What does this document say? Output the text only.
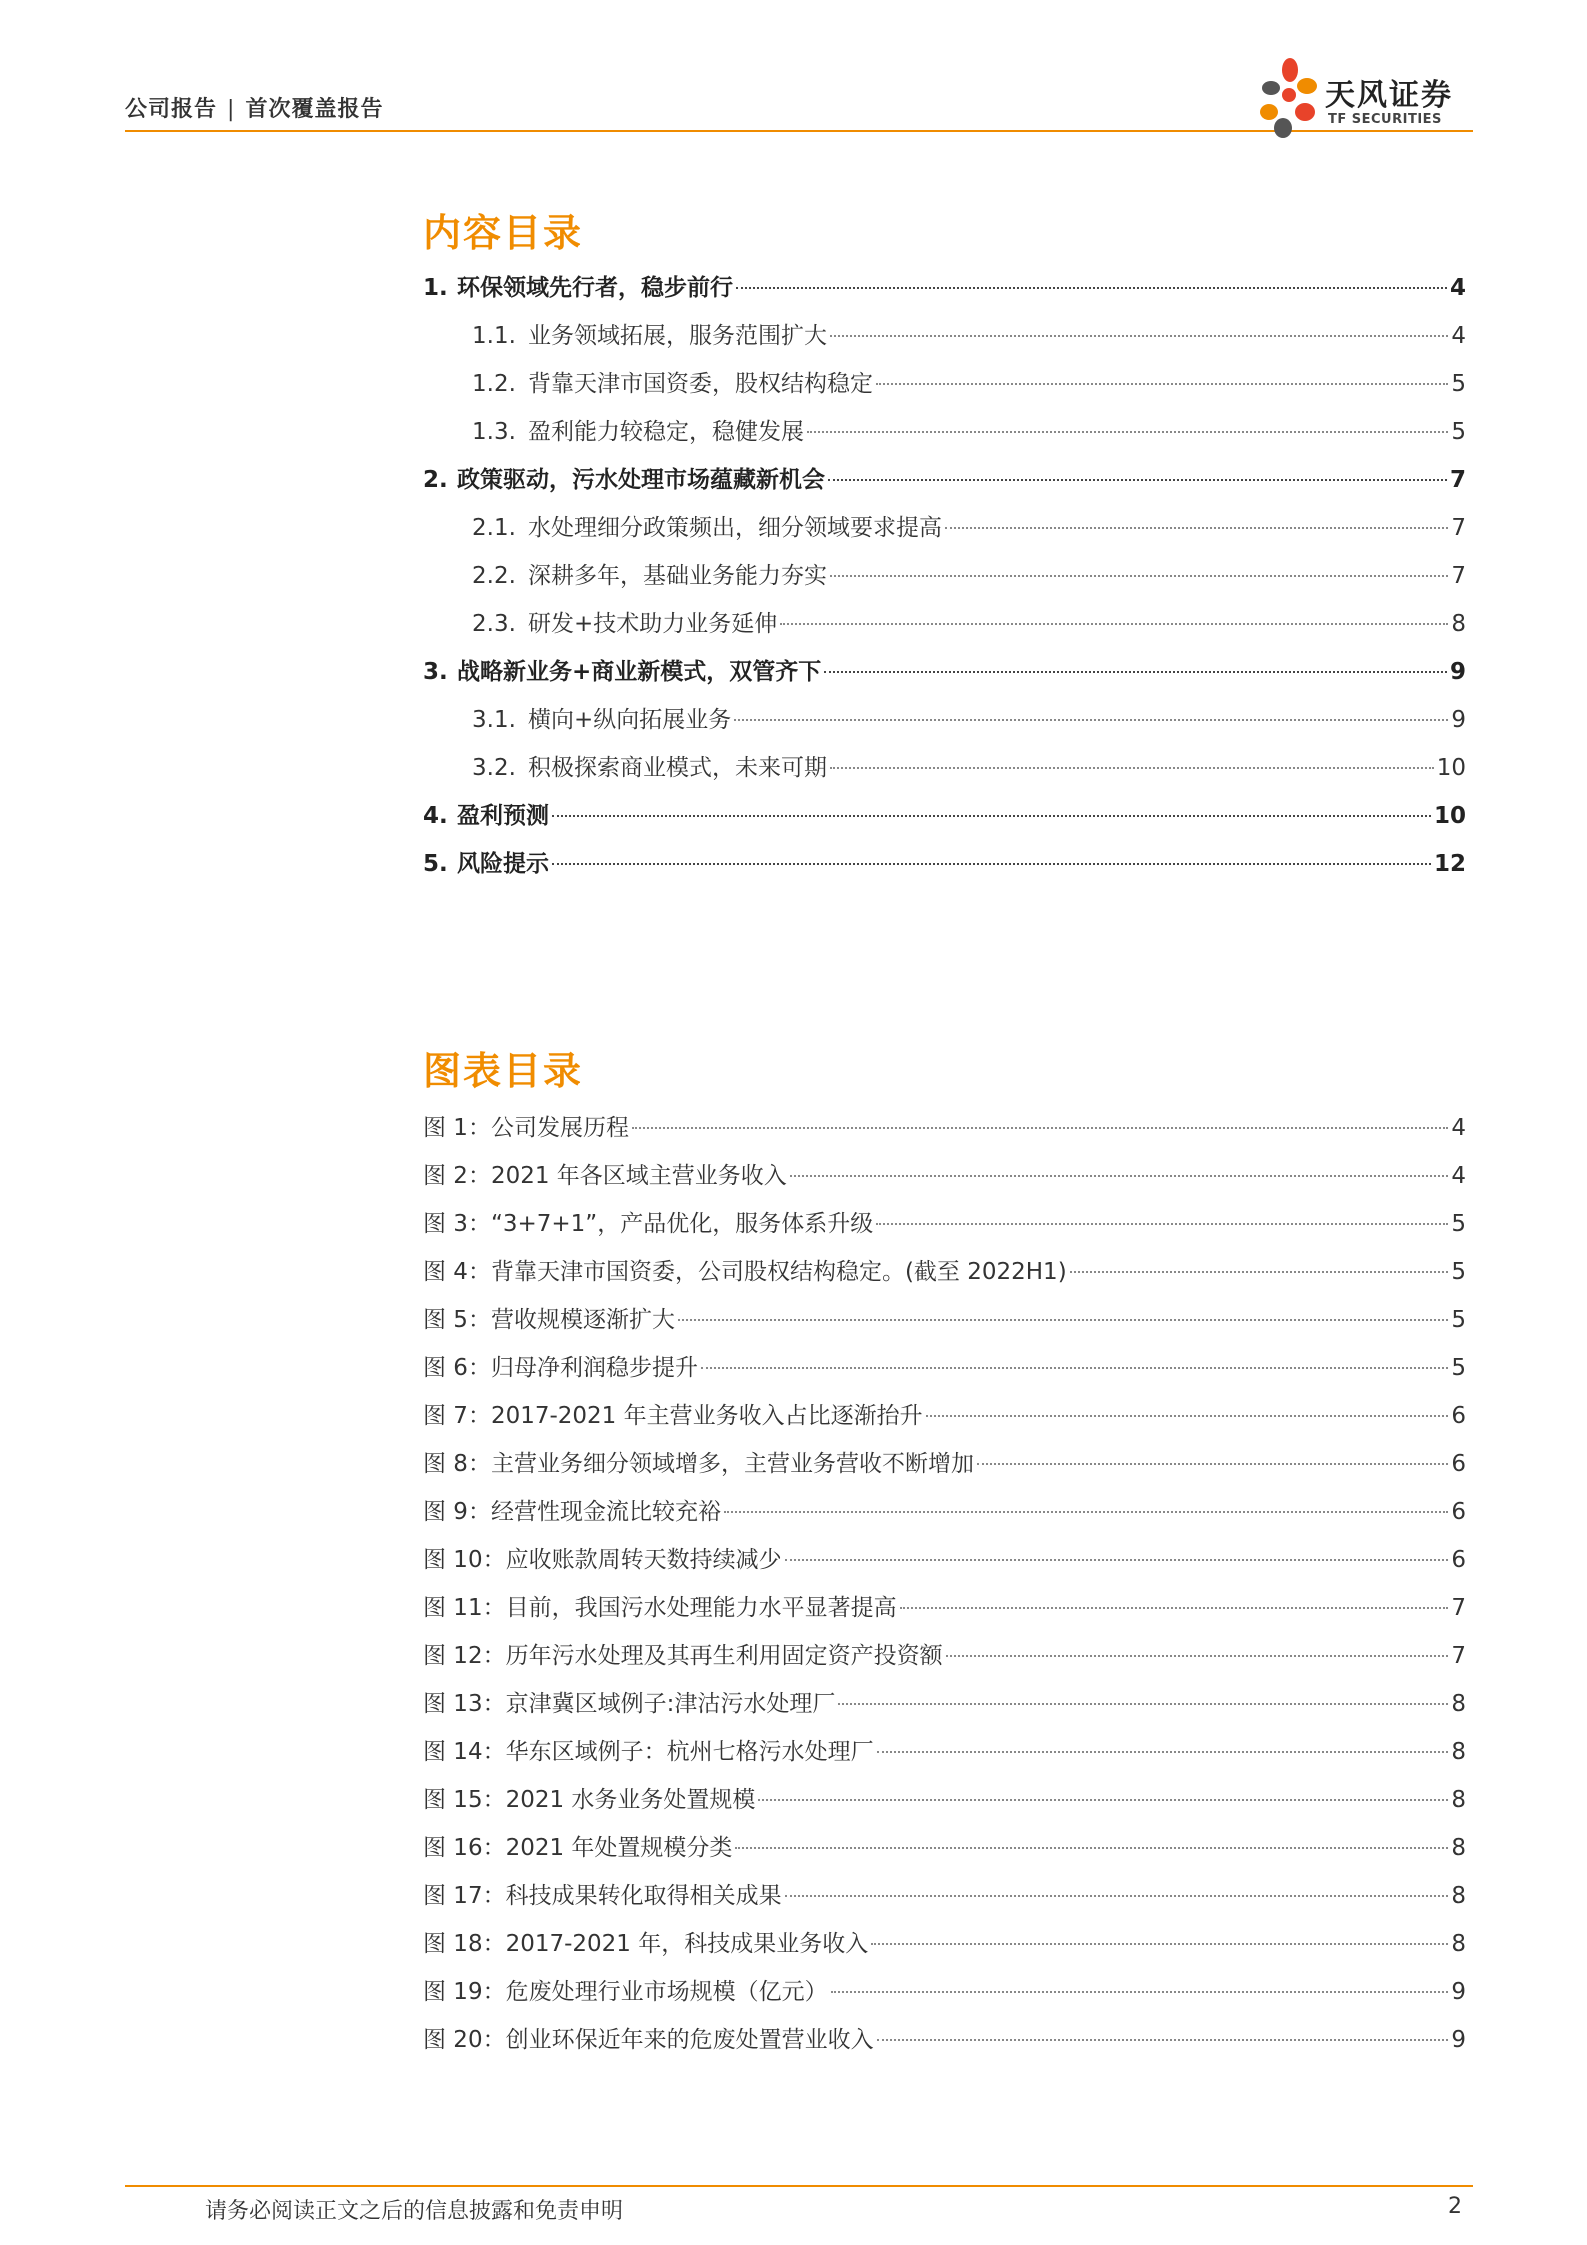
公司报告 | 首次覆盖报告	天风证券
TF SECURITIES
内容目录
1. 环保领域先行者，稳步前行	4
1.1. 业务领域拓展，服务范围扩大	4
1.2. 背靠天津市国资委，股权结构稳定	5
1.3. 盈利能力较稳定，稳健发展	5
2. 政策驱动，污水处理市场蕴藏新机会	7
2.1. 水处理细分政策频出，细分领域要求提高	7
2.2. 深耕多年，基础业务能力夯实	7
2.3. 研发+技术助力业务延伸	8
3. 战略新业务+商业新模式，双管齐下	9
3.1. 横向+纵向拓展业务	9
3.2. 积极探索商业模式，未来可期	10
4. 盈利预测	10
5. 风险提示	12
图表目录
图 1：公司发展历程	4
图 2：2021 年各区域主营业务收入	4
图 3：“3+7+1”，产品优化，服务体系升级	5
图 4：背靠天津市国资委，公司股权结构稳定。(截至 2022H1)	5
图 5：营收规模逐渐扩大	5
图 6：归母净利润稳步提升	5
图 7：2017-2021 年主营业务收入占比逐渐抬升	6
图 8：主营业务细分领域增多，主营业务营收不断增加	6
图 9：经营性现金流比较充裕	6
图 10：应收账款周转天数持续减少	6
图 11：目前，我国污水处理能力水平显著提高	7
图 12：历年污水处理及其再生利用固定资产投资额	7
图 13：京津冀区域例子:津沽污水处理厂	8
图 14：华东区域例子：杭州七格污水处理厂	8
图 15：2021 水务业务处置规模	8
图 16：2021 年处置规模分类	8
图 17：科技成果转化取得相关成果	8
图 18：2017-2021 年，科技成果业务收入	8
图 19：危废处理行业市场规模（亿元）	9
图 20：创业环保近年来的危废处置营业收入	9
请务必阅读正文之后的信息披露和免责申明	2
